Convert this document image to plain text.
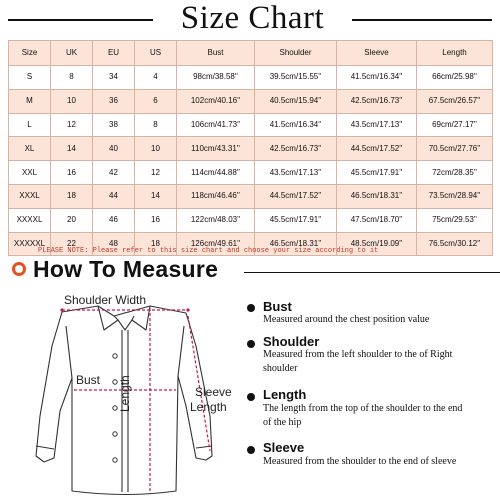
Size Chart
Size	UK	EU	US	Bust	Shoulder	Sleeve	Length
S	8	34	4	98cm/38.58''	39.5cm/15.55''	41.5cm/16.34''	66cm/25.98''
M	10	36	6	102cm/40.16''	40.5cm/15.94''	42.5cm/16.73''	67.5cm/26.57''
L	12	38	8	106cm/41.73''	41.5cm/16.34''	43.5cm/17.13''	69cm/27.17''
XL	14	40	10	110cm/43.31''	42.5cm/16.73''	44.5cm/17.52''	70.5cm/27.76''
XXL	16	42	12	114cm/44.88''	43.5cm/17.13''	45.5cm/17.91''	72cm/28.35''
XXXL	18	44	14	118cm/46.46''	44.5cm/17.52''	46.5cm/18.31''	73.5cm/28.94''
XXXXL	20	46	16	122cm/48.03''	45.5cm/17.91''	47.5cm/18.70''	75cm/29.53''
XXXXXL	22	48	18	126cm/49.61''	46.5cm/18.31''	48.5cm/19.09''	76.5cm/30.12''
PLEASE NOTE: Please refer to this size chart and choose your size according to it
How To Measure
Shoulder Width
Bust
Sleeve
Length
Length
Bust
Measured around the chest position value
Shoulder
Measured from the left shoulder to the of Right shoulder
Length
The length from the top of the shoulder to the end of the hip
Sleeve
Measured from the shoulder to the end of sleeve
